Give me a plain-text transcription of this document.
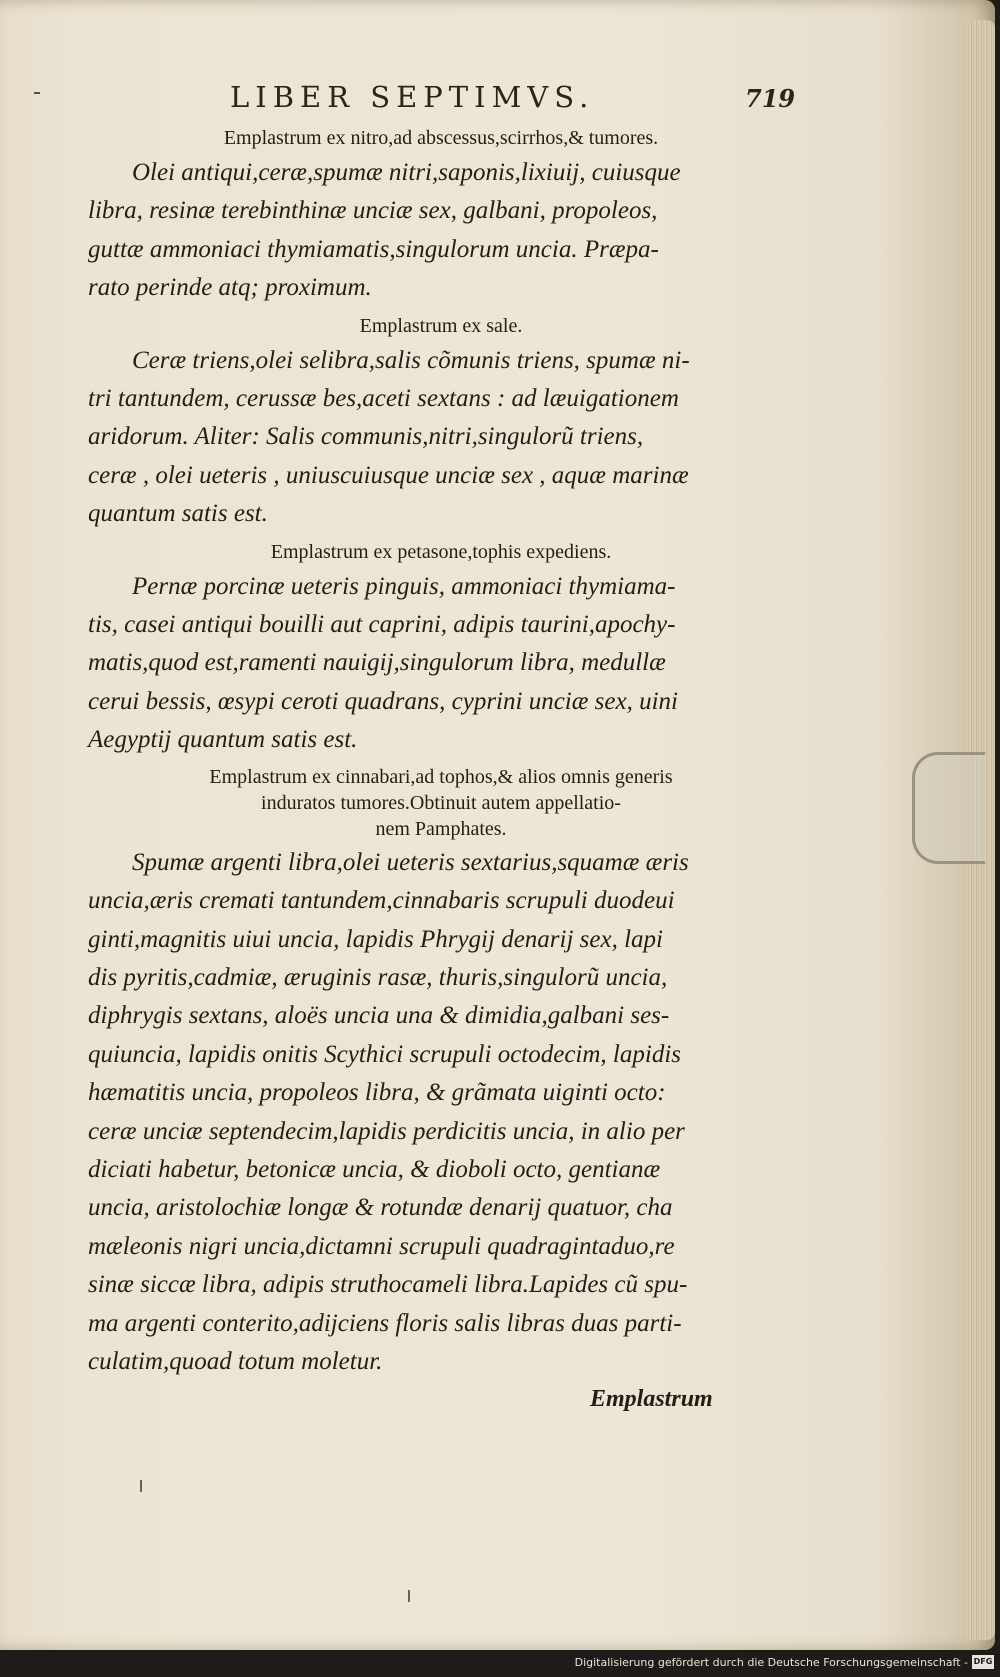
LIBER SEPTIMVS.	719

Emplastrum ex nitro,ad abscessus,scirrhos,& tumores.

Olei antiqui,ceræ,spumæ nitri,saponis,lixiuij, cuiusque
libra, resinæ terebinthinæ unciæ sex, galbani, propoleos,
guttæ ammoniaci thymiamatis,singulorum uncia. Præpa-
rato perinde atq; proximum.

Emplastrum ex sale.

Ceræ triens,olei selibra,salis cõmunis triens, spumæ ni-
tri tantundem, cerussæ bes,aceti sextans : ad læuigationem
aridorum. Aliter: Salis communis,nitri,singulorũ triens,
ceræ , olei ueteris , uniuscuiusque unciæ sex , aquæ marinæ
quantum satis est.

Emplastrum ex petasone,tophis expediens.

Pernæ porcinæ ueteris pinguis, ammoniaci thymiama-
tis, casei antiqui bouilli aut caprini, adipis taurini,apochy-
matis,quod est,ramenti nauigij,singulorum libra, medullæ
cerui bessis, œsypi ceroti quadrans, cyprini unciæ sex, uini
Aegyptij quantum satis est.

Emplastrum ex cinnabari,ad tophos,& alios omnis generis
induratos tumores.Obtinuit autem appellatio-
nem Pamphates.

Spumæ argenti libra,olei ueteris sextarius,squamæ æris
uncia,æris cremati tantundem,cinnabaris scrupuli duodeui
ginti,magnitis uiui uncia, lapidis Phrygij denarij sex, lapi
dis pyritis,cadmiæ, æruginis rasæ, thuris,singulorũ uncia,
diphrygis sextans, aloës uncia una & dimidia,galbani ses-
quiuncia, lapidis onitis Scythici scrupuli octodecim, lapidis
hæmatitis uncia, propoleos libra, & grãmata uiginti octo:
ceræ unciæ septendecim,lapidis perdicitis uncia, in alio per
diciati habetur, betonicæ uncia, & dioboli octo, gentianæ
uncia, aristolochiæ longæ & rotundæ denarij quatuor, cha
mæleonis nigri uncia,dictamni scrupuli quadragintaduo,re
sinæ siccæ libra, adipis struthocameli libra.Lapides cũ spu-
ma argenti conterito,adijciens floris salis libras duas parti-
culatim,quoad totum moletur.

Emplastrum
Digitalisierung gefördert durch die Deutsche Forschungsgemeinschaft - DFG
